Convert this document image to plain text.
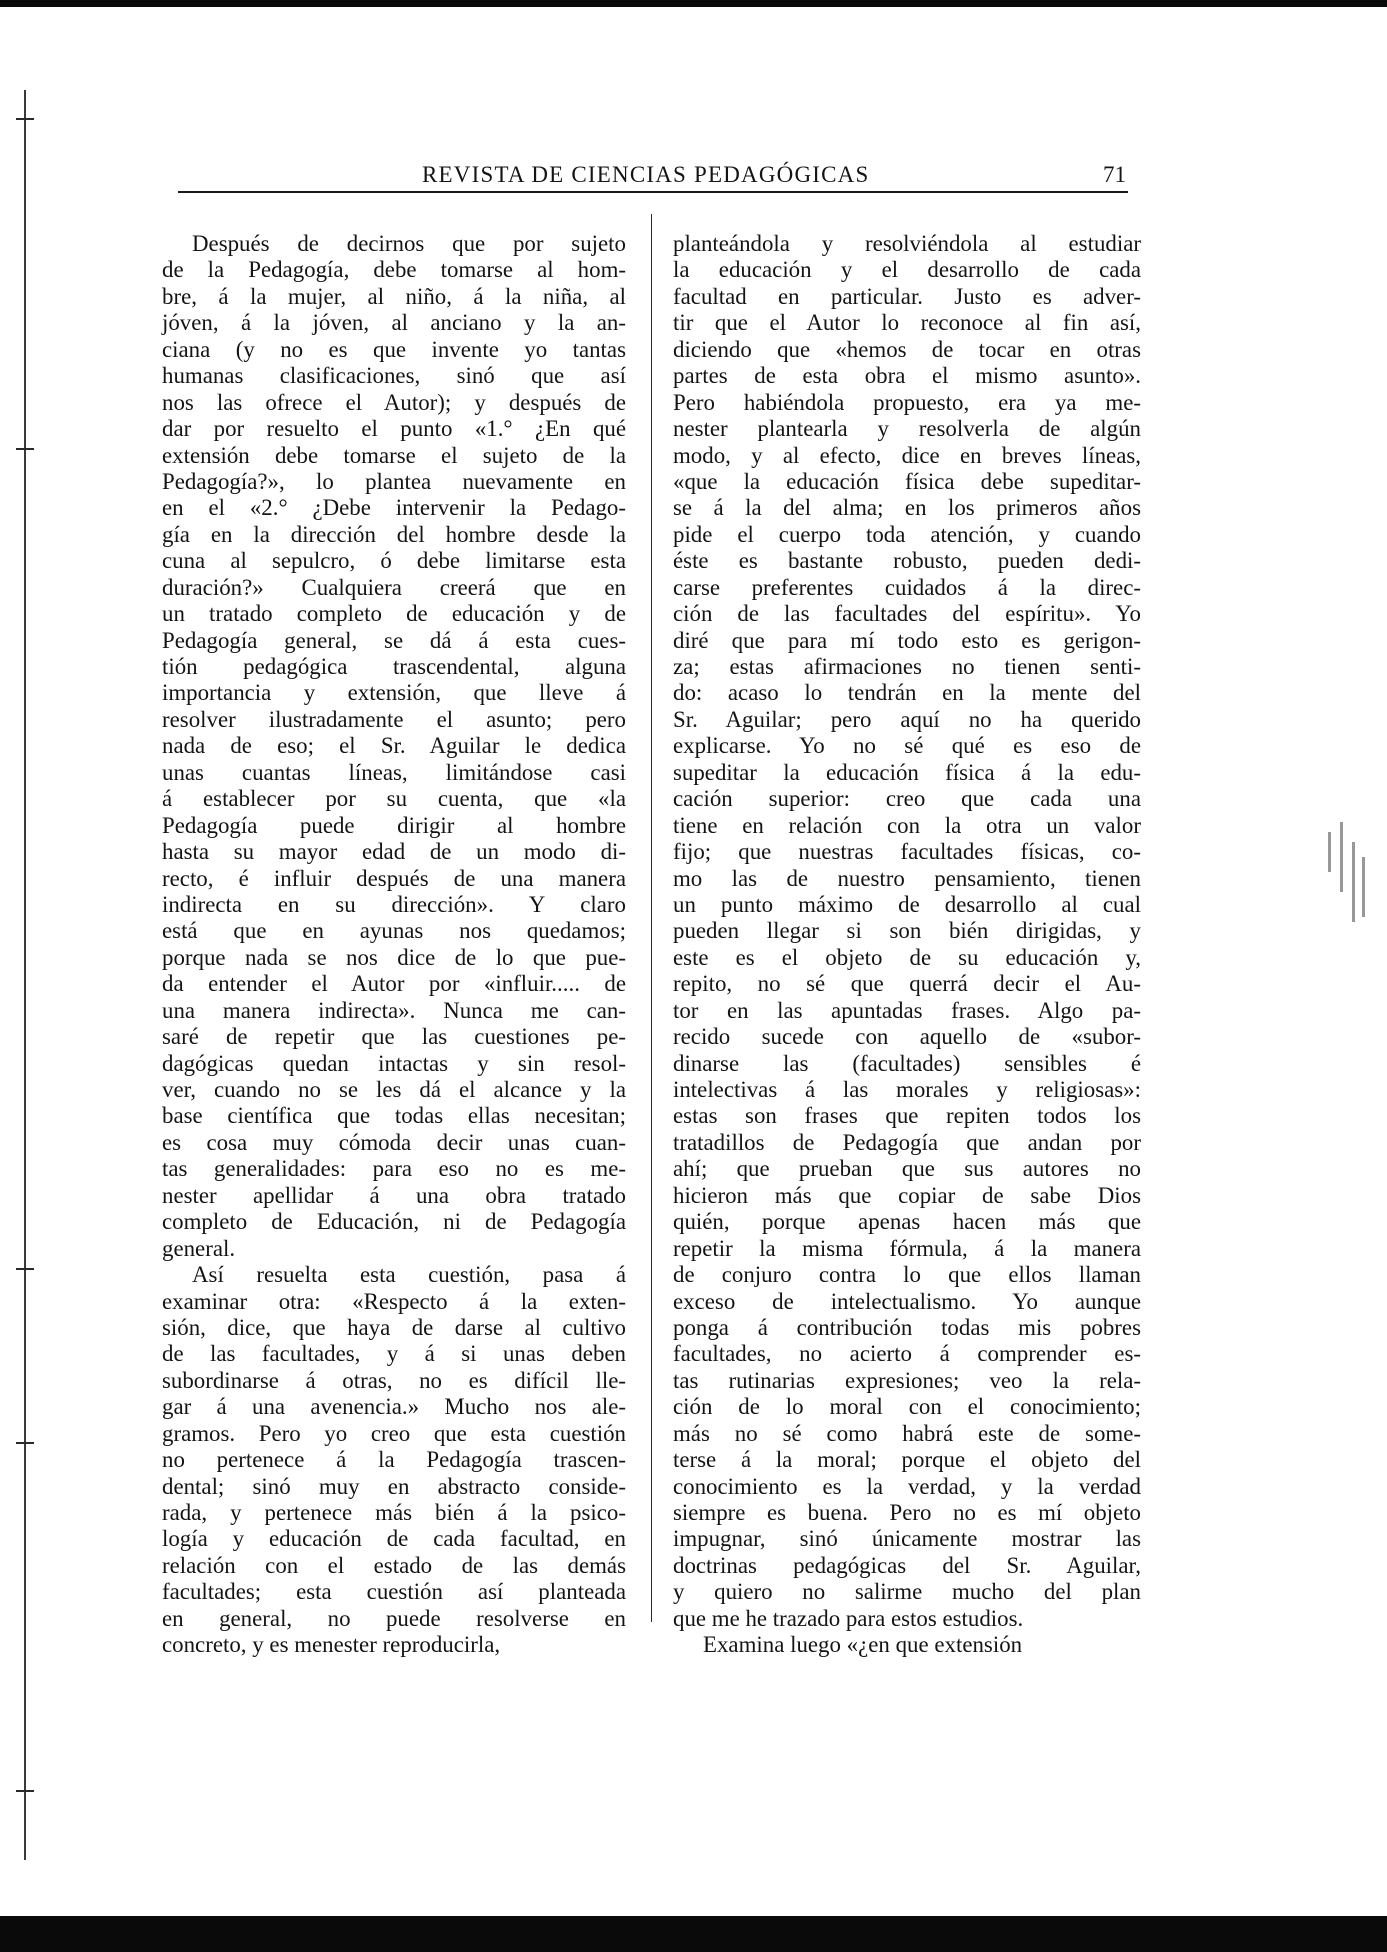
REVISTA DE CIENCIAS PEDAGÓGICAS	71
Después de decirnos que por sujeto
de la Pedagogía, debe tomarse al hom-
bre, á la mujer, al niño, á la niña, al
jóven, á la jóven, al anciano y la an-
ciana (y no es que invente yo tantas
humanas clasificaciones, sinó que así
nos las ofrece el Autor); y después de
dar por resuelto el punto «1.° ¿En qué
extensión debe tomarse el sujeto de la
Pedagogía?», lo plantea nuevamente en
en el «2.° ¿Debe intervenir la Pedago-
gía en la dirección del hombre desde la
cuna al sepulcro, ó debe limitarse esta
duración?» Cualquiera creerá que en
un tratado completo de educación y de
Pedagogía general, se dá á esta cues-
tión pedagógica trascendental, alguna
importancia y extensión, que lleve á
resolver ilustradamente el asunto; pero
nada de eso; el Sr. Aguilar le dedica
unas cuantas líneas, limitándose casi
á establecer por su cuenta, que «la
Pedagogía puede dirigir al hombre
hasta su mayor edad de un modo di-
recto, é influir después de una manera
indirecta en su dirección». Y claro
está que en ayunas nos quedamos;
porque nada se nos dice de lo que pue-
da entender el Autor por «influir..... de
una manera indirecta». Nunca me can-
saré de repetir que las cuestiones pe-
dagógicas quedan intactas y sin resol-
ver, cuando no se les dá el alcance y la
base científica que todas ellas necesitan;
es cosa muy cómoda decir unas cuan-
tas generalidades: para eso no es me-
nester apellidar á una obra tratado
completo de Educación, ni de Pedagogía
general.
Así resuelta esta cuestión, pasa á
examinar otra: «Respecto á la exten-
sión, dice, que haya de darse al cultivo
de las facultades, y á si unas deben
subordinarse á otras, no es difícil lle-
gar á una avenencia.» Mucho nos ale-
gramos. Pero yo creo que esta cuestión
no pertenece á la Pedagogía trascen-
dental; sinó muy en abstracto conside-
rada, y pertenece más bién á la psico-
logía y educación de cada facultad, en
relación con el estado de las demás
facultades; esta cuestión así planteada
en general, no puede resolverse en
concreto, y es menester reproducirla,
planteándola y resolviéndola al estudiar
la educación y el desarrollo de cada
facultad en particular. Justo es adver-
tir que el Autor lo reconoce al fin así,
diciendo que «hemos de tocar en otras
partes de esta obra el mismo asunto».
Pero habiéndola propuesto, era ya me-
nester plantearla y resolverla de algún
modo, y al efecto, dice en breves líneas,
«que la educación física debe supeditar-
se á la del alma; en los primeros años
pide el cuerpo toda atención, y cuando
éste es bastante robusto, pueden dedi-
carse preferentes cuidados á la direc-
ción de las facultades del espíritu». Yo
diré que para mí todo esto es gerigon-
za; estas afirmaciones no tienen senti-
do: acaso lo tendrán en la mente del
Sr. Aguilar; pero aquí no ha querido
explicarse. Yo no sé qué es eso de
supeditar la educación física á la edu-
cación superior: creo que cada una
tiene en relación con la otra un valor
fijo; que nuestras facultades físicas, co-
mo las de nuestro pensamiento, tienen
un punto máximo de desarrollo al cual
pueden llegar si son bién dirigidas, y
este es el objeto de su educación y,
repito, no sé que querrá decir el Au-
tor en las apuntadas frases. Algo pa-
recido sucede con aquello de «subor-
dinarse las (facultades) sensibles é
intelectivas á las morales y religiosas»:
estas son frases que repiten todos los
tratadillos de Pedagogía que andan por
ahí; que prueban que sus autores no
hicieron más que copiar de sabe Dios
quién, porque apenas hacen más que
repetir la misma fórmula, á la manera
de conjuro contra lo que ellos llaman
exceso de intelectualismo. Yo aunque
ponga á contribución todas mis pobres
facultades, no acierto á comprender es-
tas rutinarias expresiones; veo la rela-
ción de lo moral con el conocimiento;
más no sé como habrá este de some-
terse á la moral; porque el objeto del
conocimiento es la verdad, y la verdad
siempre es buena. Pero no es mí objeto
impugnar, sinó únicamente mostrar las
doctrinas pedagógicas del Sr. Aguilar,
y quiero no salirme mucho del plan
que me he trazado para estos estudios.
Examina luego «¿en que extensión
